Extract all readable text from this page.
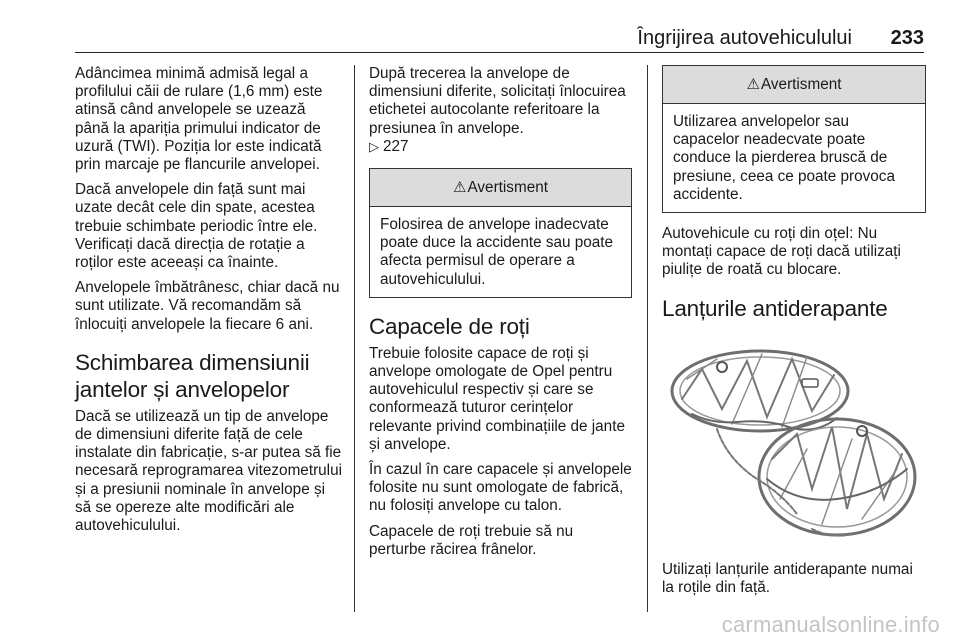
Îngrijirea autovehiculului 233

Adâncimea minimă admisă legal a profilului căii de rulare (1,6 mm) este atinsă când anvelopele se uzează până la apariția primului indicator de uzură (TWI). Poziția lor este indicată prin marcaje pe flancurile anvelopei.

Dacă anvelopele din față sunt mai uzate decât cele din spate, acestea trebuie schimbate periodic între ele. Verificați dacă direcția de rotație a roților este aceeași ca înainte.

Anvelopele îmbătrânesc, chiar dacă nu sunt utilizate. Vă recomandăm să înlocuiți anvelopele la fiecare 6 ani.

Schimbarea dimensiunii jantelor și anvelopelor

Dacă se utilizează un tip de anvelope de dimensiuni diferite față de cele instalate din fabricație, s-ar putea să fie necesară reprogramarea vitezometrului și a presiunii nominale în anvelope și să se opereze alte modificări ale autovehiculului.

După trecerea la anvelope de dimensiuni diferite, solicitați înlocuirea etichetei autocolante referitoare la presiunea în anvelope.
▷ 227

⚠Avertisment
Folosirea de anvelope inadecvate poate duce la accidente sau poate afecta permisul de operare a autovehiculului.
Capacele de roți

Trebuie folosite capace de roți și anvelope omologate de Opel pentru autovehiculul respectiv și care se conformează tuturor cerințelor relevante privind combinațiile de jante și anvelope.

În cazul în care capacele și anvelopele folosite nu sunt omologate de fabrică, nu folosiți anvelope cu talon.

Capacele de roți trebuie să nu perturbe răcirea frânelor.

⚠Avertisment
Utilizarea anvelopelor sau capacelor neadecvate poate conduce la pierderea bruscă de presiune, ceea ce poate provoca accidente.

Autovehicule cu roți din oțel: Nu montați capace de roți dacă utilizați piulițe de roată cu blocare.

Lanțurile antiderapante

Utilizați lanțurile antiderapante numai la roțile din față.

carmanualsonline.info
